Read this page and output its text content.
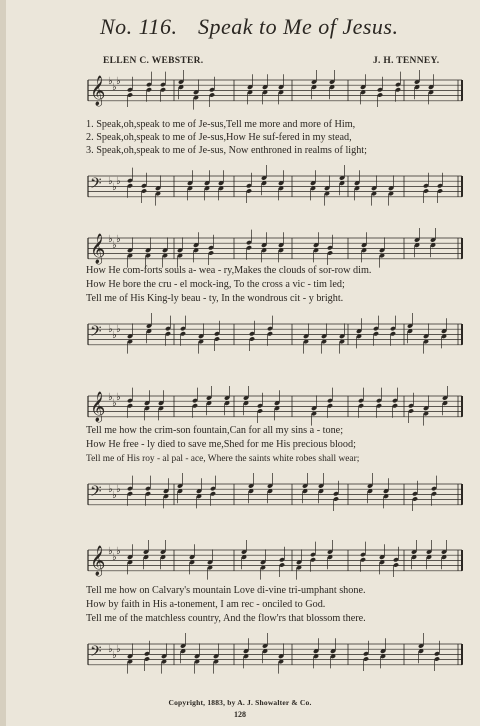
No. 116. Speak to Me of Jesus.
ELLEN C. WEBSTER.	J. H. TENNEY.
𝄞 ♭
♭
♭
1. Speak,oh,speak to me of Je-sus,Tell me more and more of Him,
2. Speak,oh,speak to me of Je-sus,How He suf-fered in my stead,
3. Speak,oh,speak to me of Je-sus, Now enthroned in realms of light;
𝄢 ♭
♭
♭
𝄞 ♭
♭
♭
How He com-forts souls a- wea - ry,Makes the clouds of sor-row dim.
How He bore the cru - el mock-ing, To the cross a vic - tim led;
Tell me of His King-ly beau - ty, In the wondrous cit - y bright.
𝄢 ♭
♭
♭
𝄞 ♭
♭
♭
Tell me how the crim-son fountain,Can for all my sins a - tone;
How He free - ly died to save me,Shed for me His precious blood;
Tell me of His roy - al pal - ace, Where the saints white robes shall wear;
𝄢 ♭
♭
♭
𝄞 ♭
♭
♭
Tell me how on Calvary's mountain Love di-vine tri-umphant shone.
How by faith in His a-tonement, I am rec - onciled to God.
Tell me of the matchless country, And the flow'rs that blossom there.
𝄢 ♭
♭
♭
Copyright, 1883, by A. J. Showalter & Co.
128
